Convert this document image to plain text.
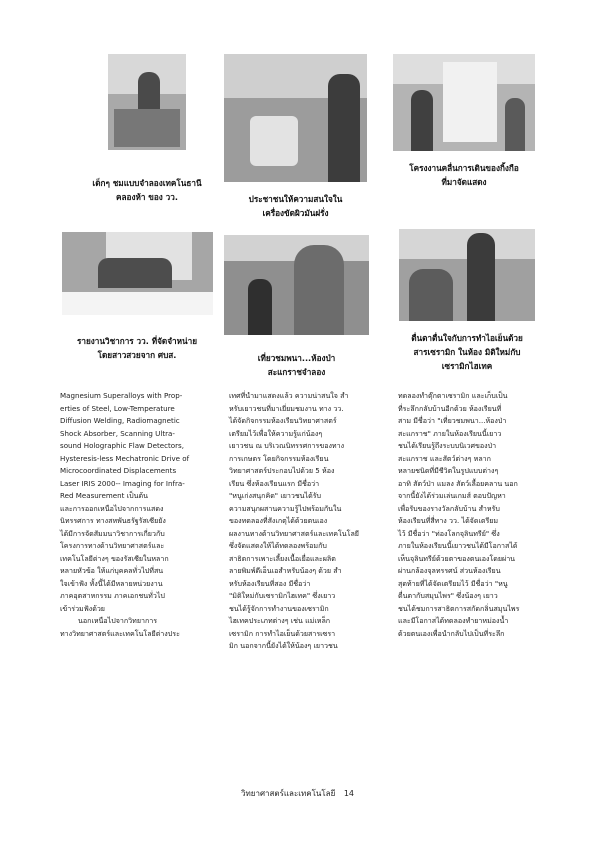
เด็กๆ ชมแบบจำลองเทคโนธานี
คลองห้า ของ วว.	ประชาชนให้ความสนใจใน
เครื่องขัดผิวมันฝรั่ง
โครงงานคลื่นการเดินของกิ้งกือ
ที่มาจัดแสดง
รายงานวิชาการ วว. ที่จัดจำหน่าย
โดยสาวสวยจาก ศบส.	เที่ยวชมพนา...ห้องป่า
สะแกราชจำลอง
ตื่นตาตื่นใจกับการทำไอเย็นด้วย
สารเซรามิก ในห้อง มิติใหม่กับ
เซรามิกไฮเทค

Magnesium Superalloys with Prop-

erties of Steel, Low-Temperature

Diffusion Welding, Radiomagnetic

Shock Absorber, Scanning Ultra-

sound Holographic Flaw Detectors,

Hysteresis-less Mechatronic Drive of

Microcoordinated Displacements

Laser IRIS 2000-- Imaging for Infra-

Red Measurement เป็นต้น

และการออกเหนือไปจากการแสดง

นิทรรศการ ทางสหพันธรัฐรัสเซียยัง

ได้มีการจัดสัมมนาวิชาการเกี่ยวกับ

โครงการทางด้านวิทยาศาสตร์และ

เทคโนโลยีต่างๆ ของรัสเซียในหลาก

หลายหัวข้อ ให้แก่บุคคลทั่วไปที่สน

ใจเข้าฟัง ทั้งนี้ได้มีหลายหน่วยงาน

ภาคอุตสาหกรรม ภาคเอกชนทั่วไป

เข้าร่วมฟังด้วย

นอกเหนือไปจากวิทยาการ

ทางวิทยาศาสตร์และเทคโนโลยีต่างประ

เทศที่นำมาแสดงแล้ว ความน่าสนใจ สำ

หรับเยาวชนที่มาเยี่ยมชมงาน ทาง วว.

ได้จัดกิจกรรมห้องเรียนวิทยาศาสตร์

เตรียมไว้เพื่อให้ความรู้แก่น้องๆ

เยาวชน ณ บริเวณนิทรรศการของทาง

การเกษตร โดยกิจกรรมห้องเรียน

วิทยาศาสตร์ประกอบไปด้วย 5 ห้อง

เรียน ซึ่งห้องเรียนแรก มีชื่อว่า

"หนูเก่งสนุกคิด" เยาวชนได้รับ

ความสนุกผสานความรู้ไปพร้อมกันใน

ของทดลองที่สังเกตุได้ด้วยตนเอง

ผลงานทางด้านวิทยาศาสตร์และเทคโนโลยี

ซึ่งจัดแสดงให้ได้ทดลองพร้อมกับ

สาธิตการเพาะเลี้ยงเนื้อเยื่อและผลิต

ลายพิมพ์ดีเอ็นเอสำหรับน้องๆ ด้วย สำ

หรับห้องเรียนที่สอง มีชื่อว่า

"มิติใหม่กับเซรามิกไฮเทค" ซึ่งเยาว

ชนได้รู้จักการทำงานของเซรามิก

ไฮเทคประเภทต่างๆ เช่น แม่เหล็ก

เซรามิก การทำไอเย็นด้วยสารเซรา

มิก นอกจากนี้ยังได้ให้น้องๆ เยาวชน

ทดลองทำตุ๊กตาเซรามิก และเก็บเป็น

ที่ระลึกกลับบ้านอีกด้วย ห้องเรียนที่

สาม มีชื่อว่า "เที่ยวชมพนา...ห้องป่า

สะแกราช" ภายในห้องเรียนนี้เยาว

ชนได้เรียนรู้ถึงระบบนิเวศของป่า

สะแกราช และสัตว์ต่างๆ หลาก

หลายชนิดที่มีชีวิตในรูปแบบต่างๆ

อาทิ สัตว์ป่า แมลง สัตว์เลื้อยคลาน นอก

จากนี้ยังได้ร่วมเล่นเกมส์ ตอบปัญหา

เพื่อรับของรางวัลกลับบ้าน สำหรับ

ห้องเรียนที่สี่ทาง วว. ได้จัดเตรียม

ไว้ มีชื่อว่า "ท่องโลกจุลินทรีย์" ซึ่ง

ภายในห้องเรียนนี้เยาวชนได้มีโอกาสได้

เห็นจุลินทรีย์ด้วยตาของตนเองโดยผ่าน

ผ่านกล้องจุลทรรศน์ ส่วนห้องเรียน

สุดท้ายที่ได้จัดเตรียมไว้ มีชื่อว่า "หนู

ตื่นตากับสมุนไพร" ซึ่งน้องๆ เยาว

ชนได้ชมการสาธิตการสกัดกลิ่นสมุนไพร

และมีโอกาสได้ทดลองทำยาหม่องน้ำ

ด้วยตนเองเพื่อนำกลับไปเป็นที่ระลึก

วิทยาศาสตร์และเทคโนโลยี 14
